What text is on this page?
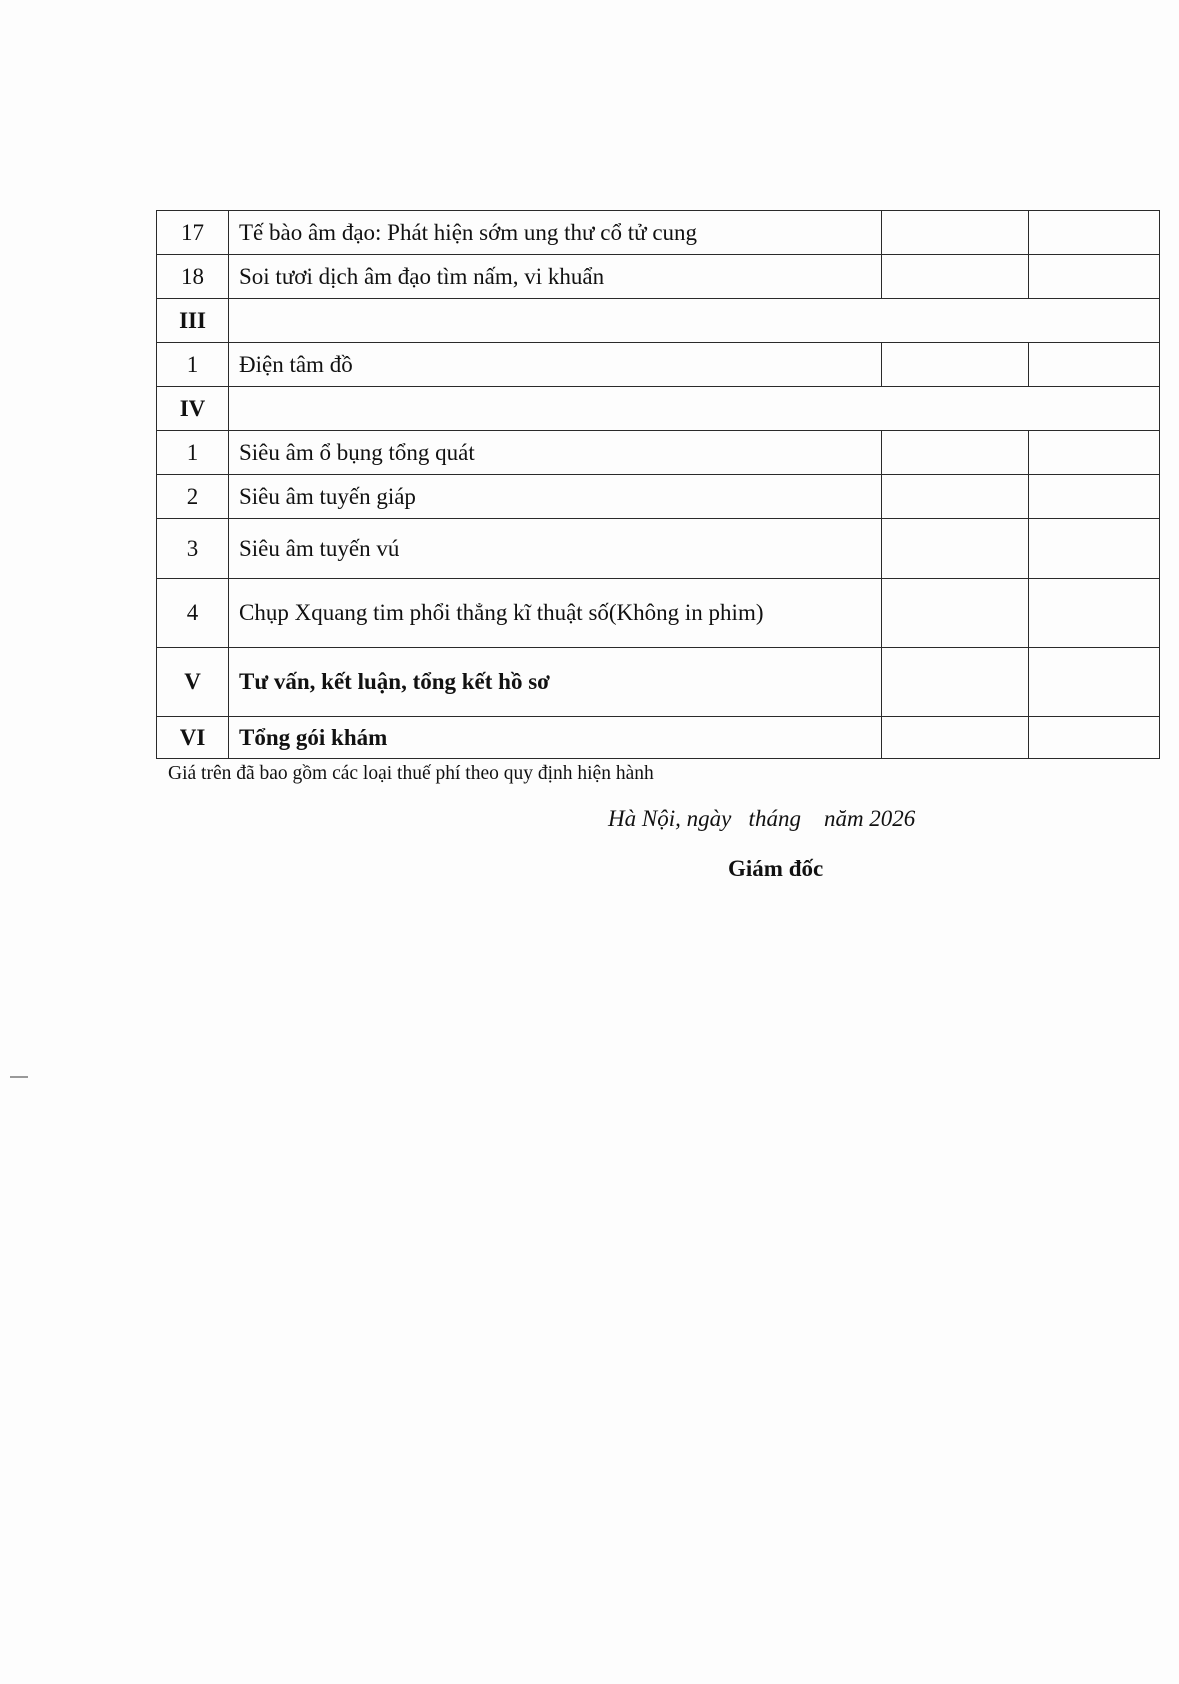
17	Tế bào âm đạo: Phát hiện sớm ung thư cổ tử cung		
18	Soi tươi dịch âm đạo tìm nấm, vi khuẩn		
III			
1	Điện tâm đồ		
IV			
1	Siêu âm ổ bụng tổng quát		
2	Siêu âm tuyến giáp		
3	Siêu âm tuyến vú		
4	Chụp Xquang tim phổi thẳng kĩ thuật số(Không in phim)		
V	Tư vấn, kết luận, tổng kết hồ sơ		
VI	Tổng gói khám		
Giá trên đã bao gồm các loại thuế phí theo quy định hiện hành
Hà Nội, ngày   tháng    năm 2026
Giám đốc
